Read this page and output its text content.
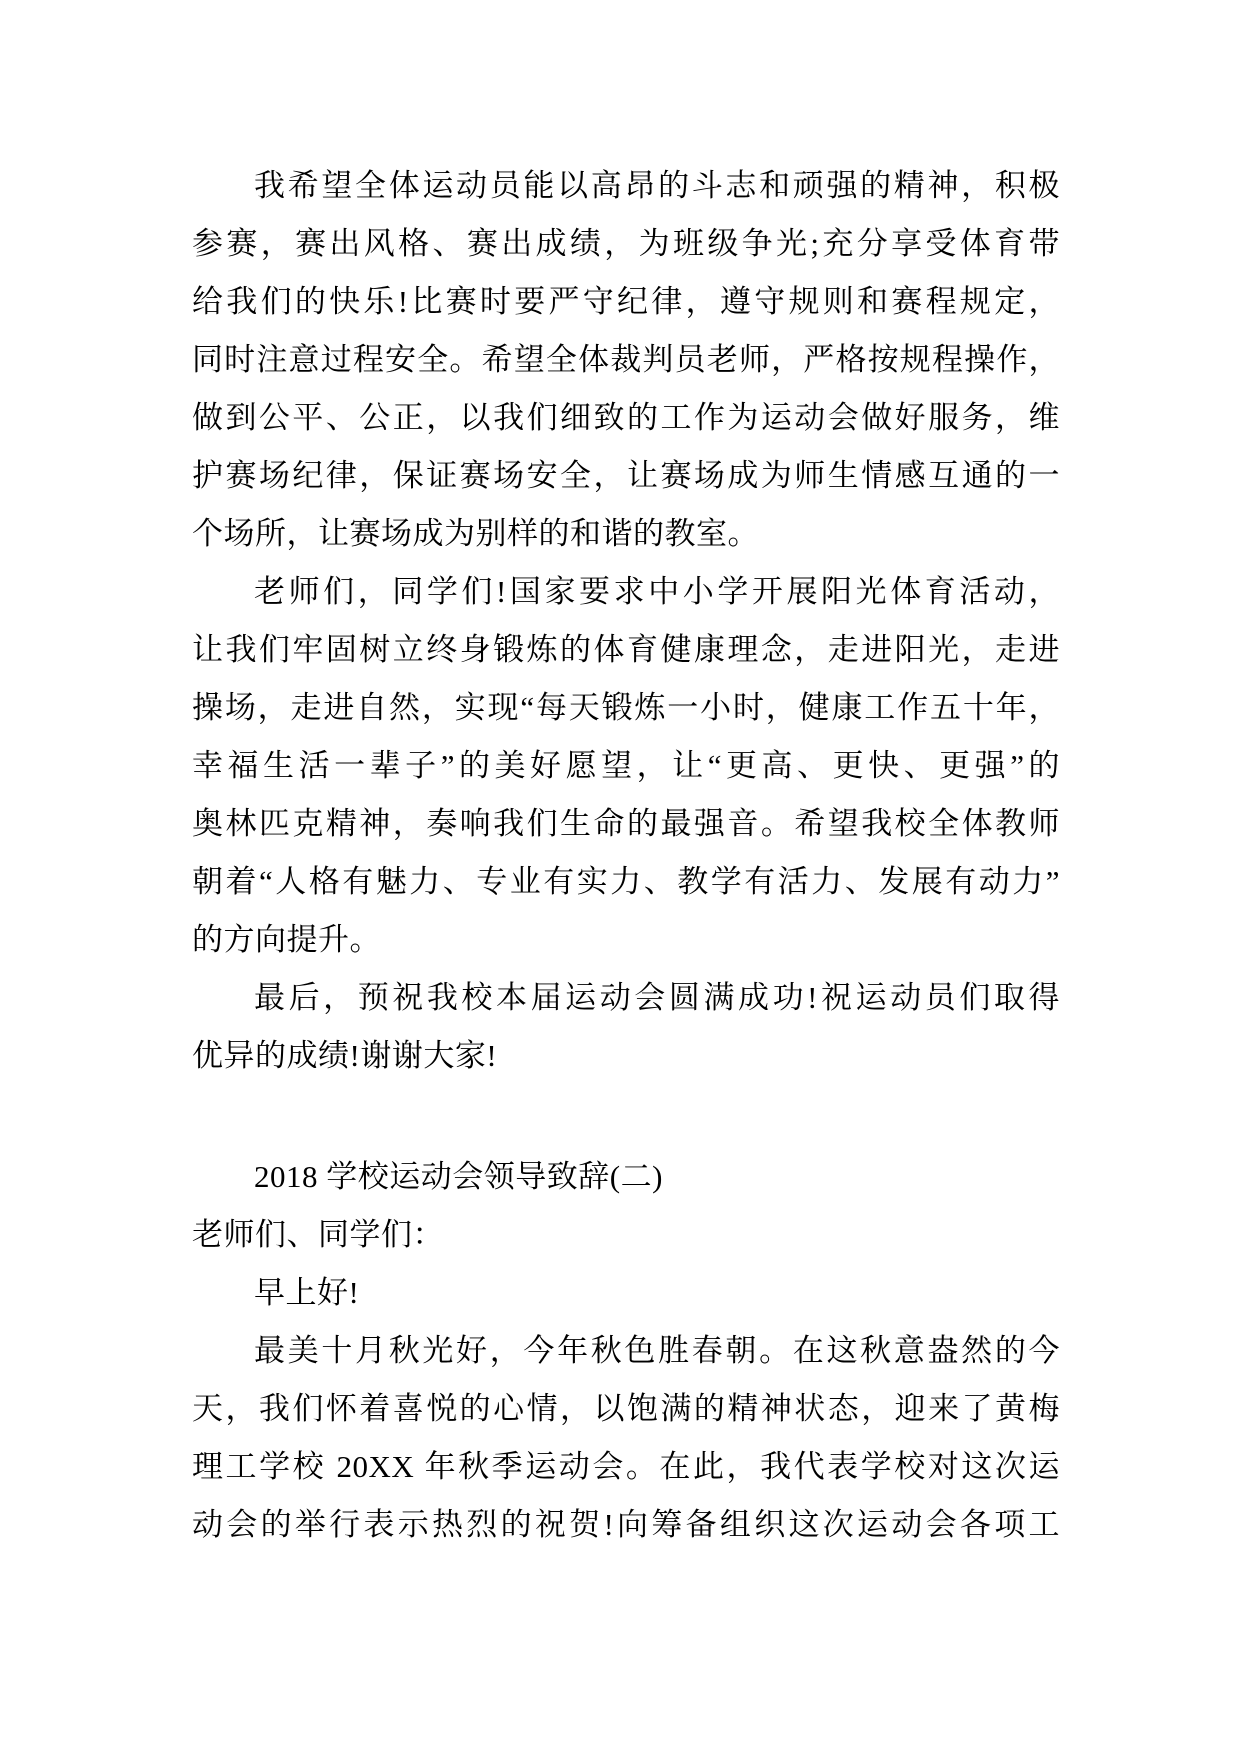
我希望全体运动员能以高昂的斗志和顽强的精神，积极
参赛，赛出风格、赛出成绩，为班级争光;充分享受体育带
给我们的快乐!比赛时要严守纪律，遵守规则和赛程规定，
同时注意过程安全。希望全体裁判员老师，严格按规程操作，
做到公平、公正，以我们细致的工作为运动会做好服务，维
护赛场纪律，保证赛场安全，让赛场成为师生情感互通的一
个场所，让赛场成为别样的和谐的教室。
老师们，同学们!国家要求中小学开展阳光体育活动，
让我们牢固树立终身锻炼的体育健康理念，走进阳光，走进
操场，走进自然，实现“每天锻炼一小时，健康工作五十年，
幸福生活一辈子”的美好愿望，让“更高、更快、更强”的
奥林匹克精神，奏响我们生命的最强音。希望我校全体教师
朝着“人格有魅力、专业有实力、教学有活力、发展有动力”
的方向提升。
最后，预祝我校本届运动会圆满成功!祝运动员们取得
优异的成绩!谢谢大家!
2018 学校运动会领导致辞(二)
老师们、同学们：
早上好!
最美十月秋光好，今年秋色胜春朝。在这秋意盎然的今
天，我们怀着喜悦的心情，以饱满的精神状态，迎来了黄梅
理工学校 20XX 年秋季运动会。在此，我代表学校对这次运
动会的举行表示热烈的祝贺!向筹备组织这次运动会各项工
